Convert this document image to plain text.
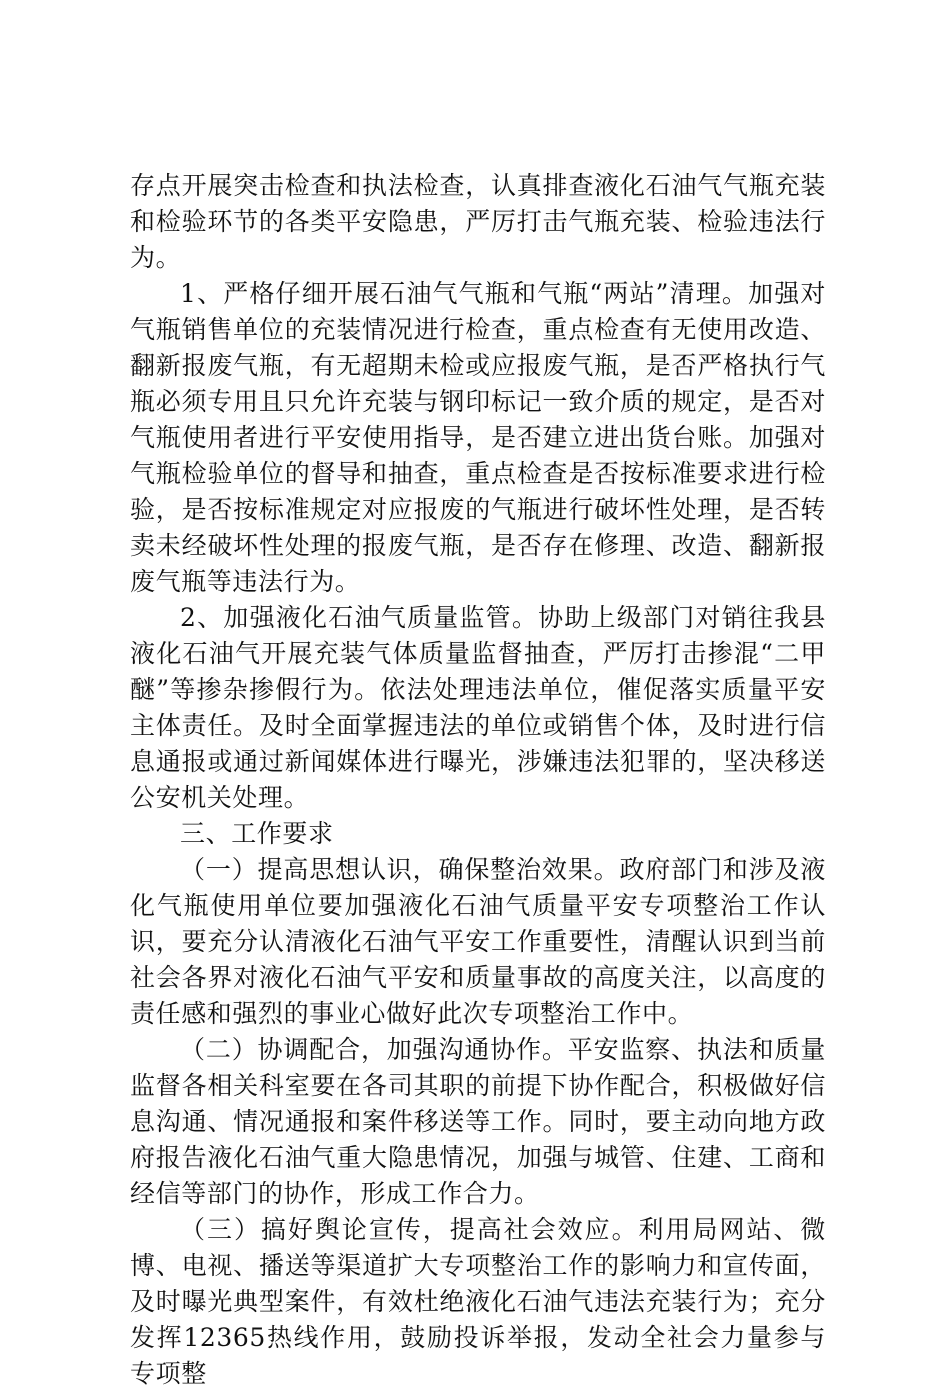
存点开展突击检查和执法检查，认真排查液化石油气气瓶充装和检验环节的各类平安隐患，严厉打击气瓶充装、检验违法行为。

1、严格仔细开展石油气气瓶和气瓶“两站”清理。加强对气瓶销售单位的充装情况进行检查，重点检查有无使用改造、翻新报废气瓶，有无超期未检或应报废气瓶，是否严格执行气瓶必须专用且只允许充装与钢印标记一致介质的规定，是否对气瓶使用者进行平安使用指导，是否建立进出货台账。加强对气瓶检验单位的督导和抽查，重点检查是否按标准要求进行检验，是否按标准规定对应报废的气瓶进行破坏性处理，是否转卖未经破坏性处理的报废气瓶，是否存在修理、改造、翻新报废气瓶等违法行为。

2、加强液化石油气质量监管。协助上级部门对销往我县液化石油气开展充装气体质量监督抽查，严厉打击掺混“二甲醚”等掺杂掺假行为。依法处理违法单位，催促落实质量平安主体责任。及时全面掌握违法的单位或销售个体，及时进行信息通报或通过新闻媒体进行曝光，涉嫌违法犯罪的，坚决移送公安机关处理。

三、工作要求

（一）提高思想认识，确保整治效果。政府部门和涉及液化气瓶使用单位要加强液化石油气质量平安专项整治工作认识，要充分认清液化石油气平安工作重要性，清醒认识到当前社会各界对液化石油气平安和质量事故的高度关注，以高度的责任感和强烈的事业心做好此次专项整治工作中。

（二）协调配合，加强沟通协作。平安监察、执法和质量监督各相关科室要在各司其职的前提下协作配合，积极做好信息沟通、情况通报和案件移送等工作。同时，要主动向地方政府报告液化石油气重大隐患情况，加强与城管、住建、工商和经信等部门的协作，形成工作合力。

（三）搞好舆论宣传，提高社会效应。利用局网站、微博、电视、播送等渠道扩大专项整治工作的影响力和宣传面，及时曝光典型案件，有效杜绝液化石油气违法充装行为；充分发挥12365热线作用，鼓励投诉举报，发动全社会力量参与专项整
